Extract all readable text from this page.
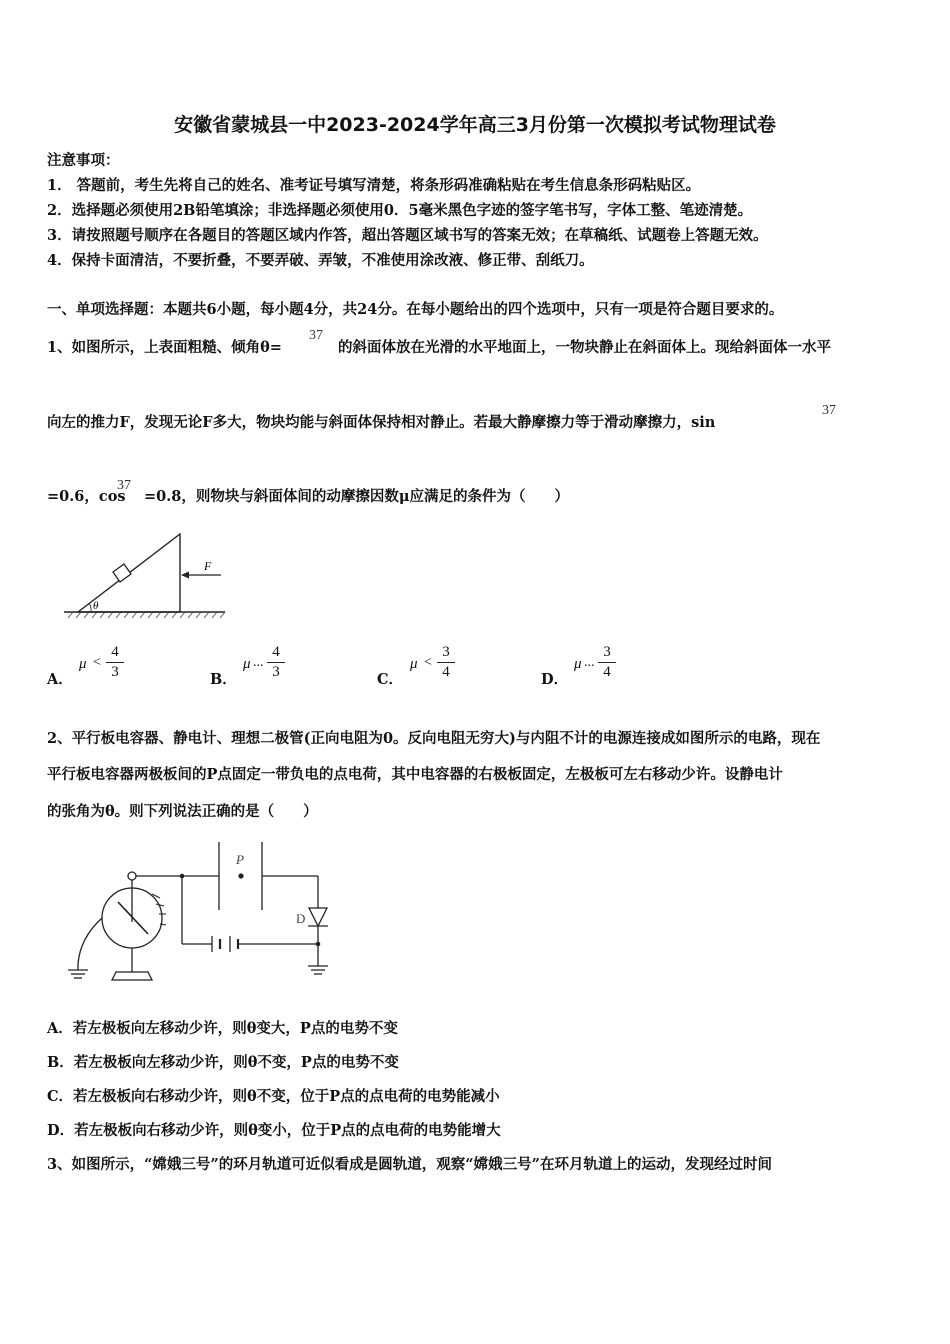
安徽省蒙城县一中2023-2024学年高三3月份第一次模拟考试物理试卷
注意事项：
1． 答题前，考生先将自己的姓名、准考证号填写清楚，将条形码准确粘贴在考生信息条形码粘贴区。
2．选择题必须使用2B铅笔填涂；非选择题必须使用0．5毫米黑色字迹的签字笔书写，字体工整、笔迹清楚。
3．请按照题号顺序在各题目的答题区域内作答，超出答题区域书写的答案无效；在草稿纸、试题卷上答题无效。
4．保持卡面清洁，不要折叠，不要弄破、弄皱，不准使用涂改液、修正带、刮纸刀。
一、单项选择题：本题共6小题，每小题4分，共24分。在每小题给出的四个选项中，只有一项是符合题目要求的。
1、如图所示，上表面粗糙、倾角θ=
37
的斜面体放在光滑的水平地面上，一物块静止在斜面体上。现给斜面体一水平
向左的推力F，发现无论F多大，物块均能与斜面体保持相对静止。若最大静摩擦力等于滑动摩擦力，sin
37
=0.6，cos
37
=0.8，则物块与斜面体间的动摩擦因数μ应满足的条件为（　　）
θ
F
A．
μ <
4
3	B．
μ ...
4
3	C．
μ <
3
4	D．
μ ...
3
4
2、平行板电容器、静电计、理想二极管(正向电阻为0。反向电阻无穷大)与内阻不计的电源连接成如图所示的电路，现在
平行板电容器两极板间的P点固定一带负电的点电荷，其中电容器的右极板固定，左极板可左右移动少许。设静电计
的张角为θ。则下列说法正确的是（　　）
P
D
A．若左极板向左移动少许，则θ变大，P点的电势不变
B．若左极板向左移动少许，则θ不变，P点的电势不变
C．若左极板向右移动少许，则θ不变，位于P点的点电荷的电势能减小
D．若左极板向右移动少许，则θ变小，位于P点的点电荷的电势能增大
3、如图所示，“嫦娥三号”的环月轨道可近似看成是圆轨道，观察“嫦娥三号”在环月轨道上的运动，发现经过时间
